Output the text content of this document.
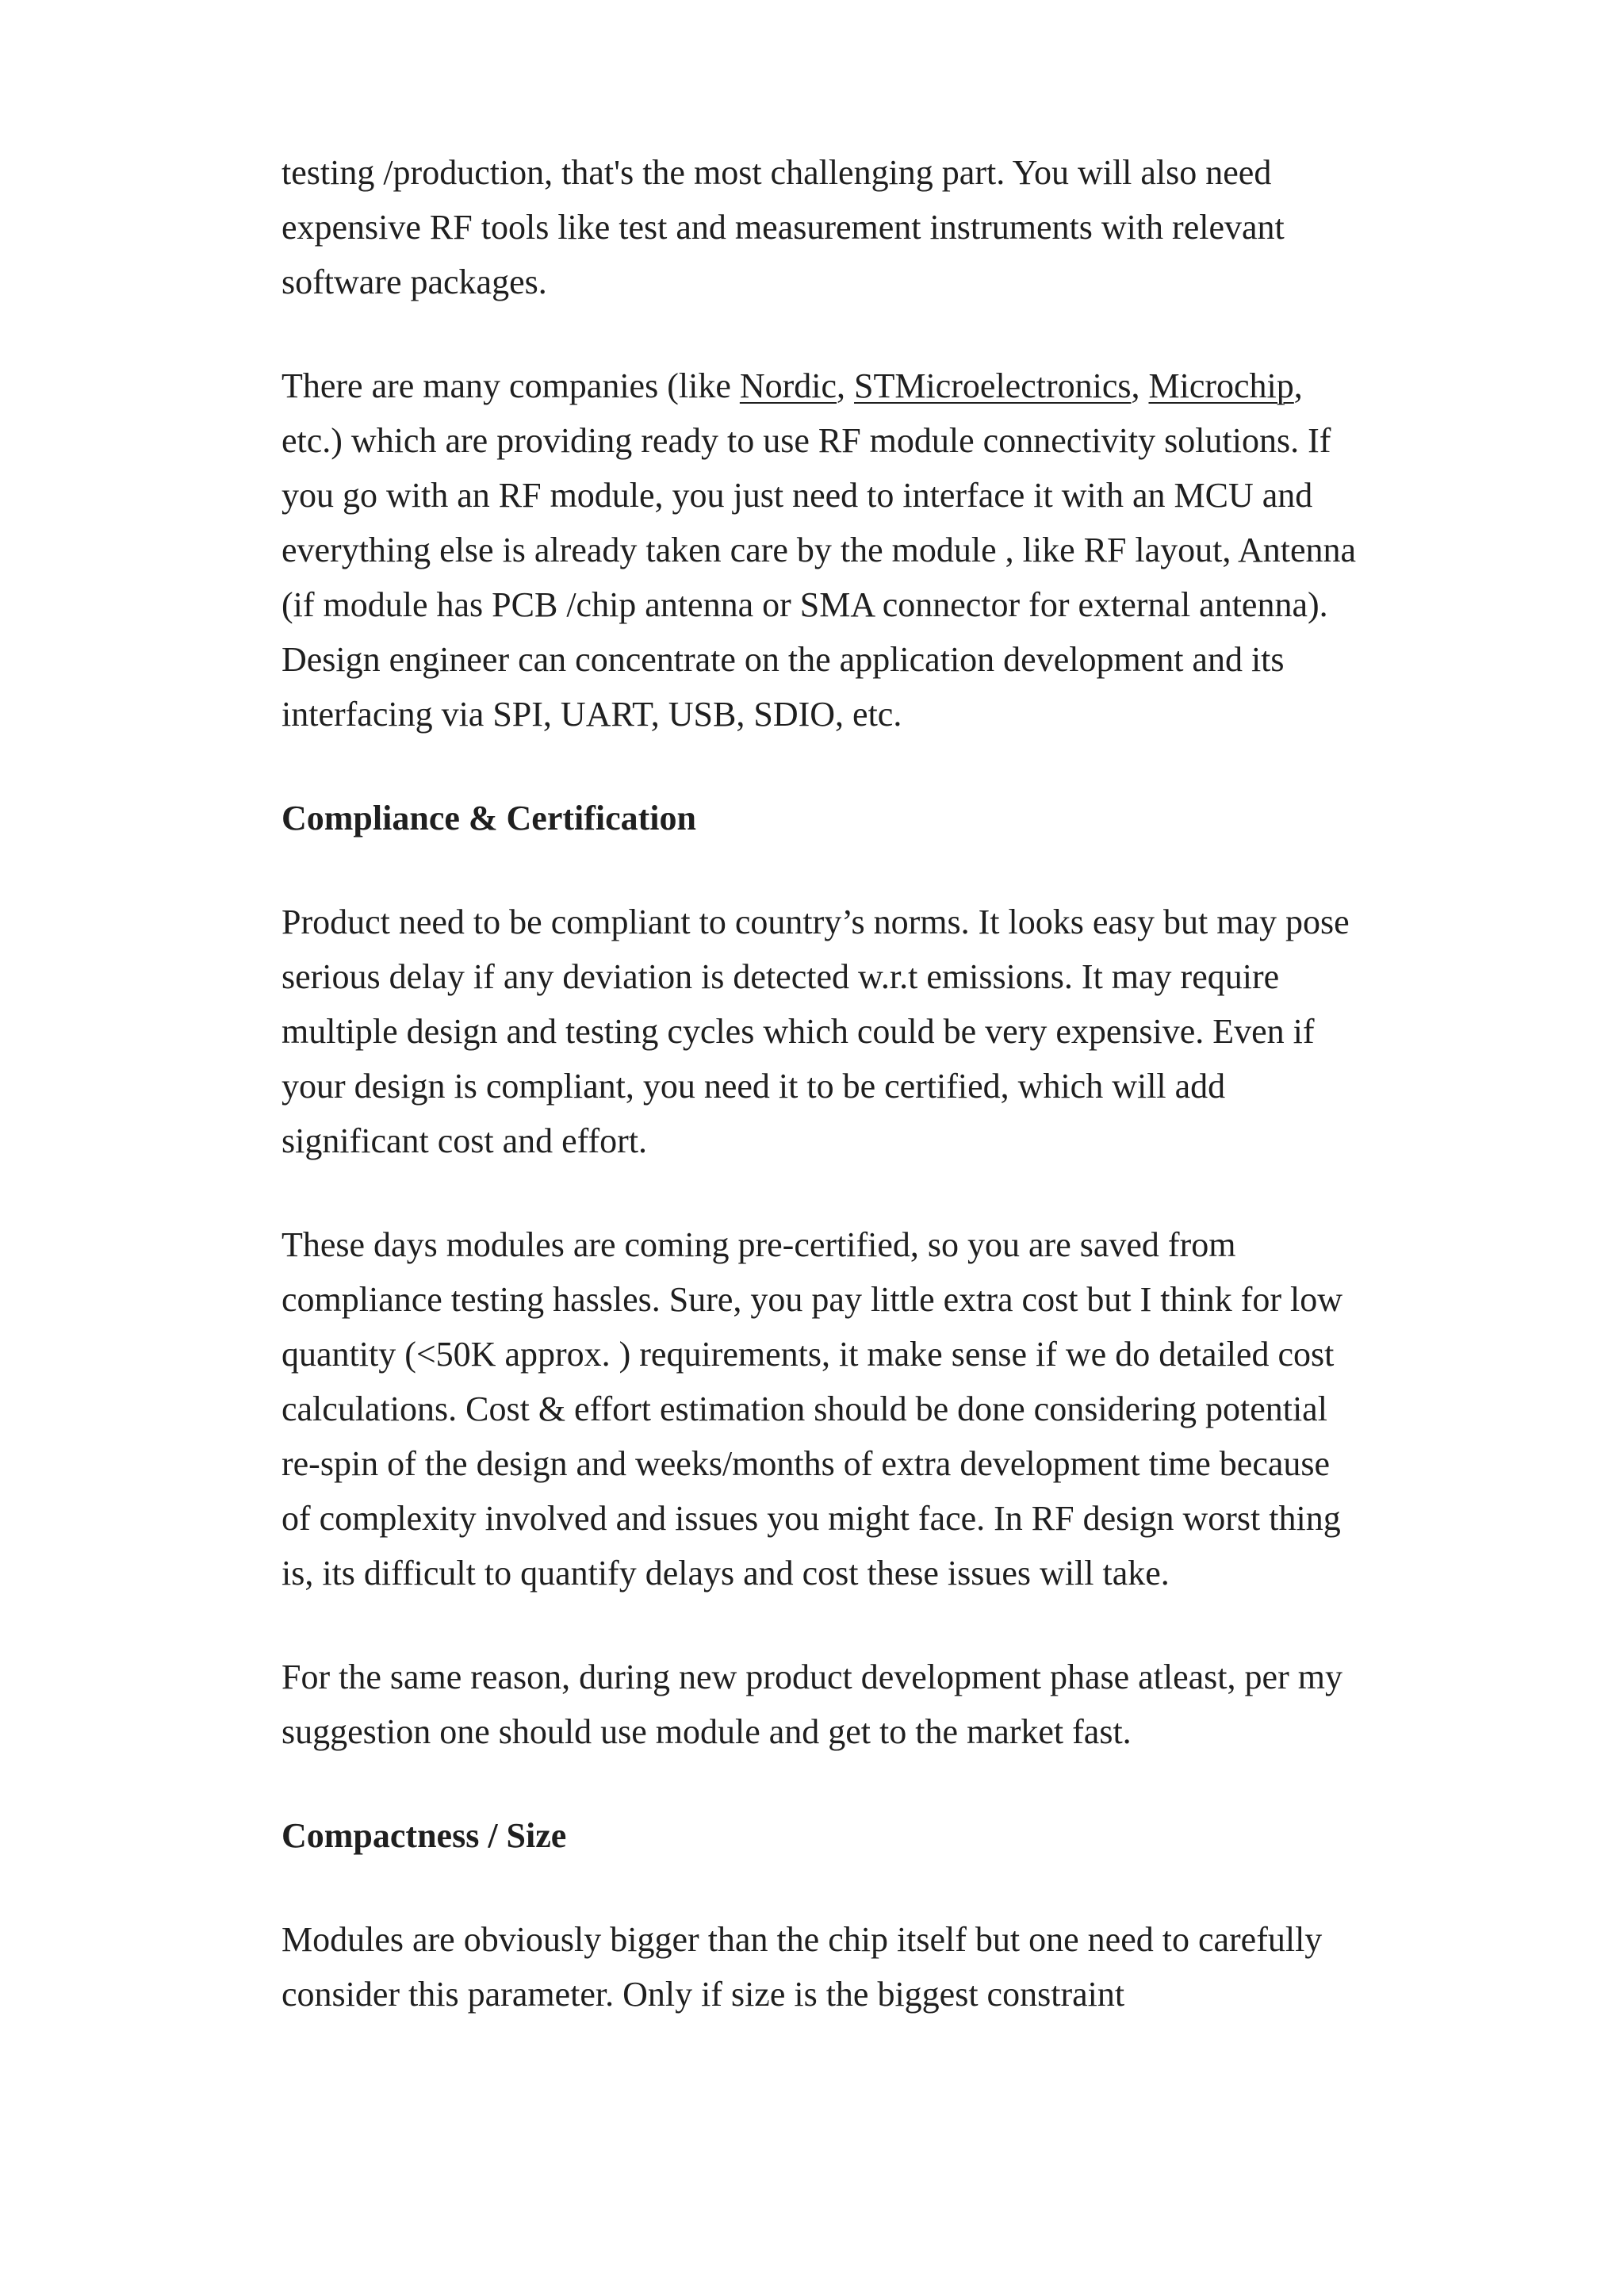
testing /production, that's the most challenging part. You will also need expensive RF tools like test and measurement instruments with relevant software packages.

There are many companies (like Nordic, STMicroelectronics, Microchip, etc.) which are providing ready to use RF module connectivity solutions. If you go with an RF module, you just need to interface it with an MCU and everything else is already taken care by the module , like RF layout, Antenna (if module has PCB /chip antenna or SMA connector for external antenna). Design engineer can concentrate on the application development and its interfacing via SPI, UART, USB, SDIO, etc.

Compliance & Certification

Product need to be compliant to country’s norms. It looks easy but may pose serious delay if any deviation is detected w.r.t emissions. It may require multiple design and testing cycles which could be very expensive. Even if your design is compliant, you need it to be certified, which will add significant cost and effort.

These days modules are coming pre-certified, so you are saved from compliance testing hassles. Sure, you pay little extra cost but I think for low quantity (<50K approx. ) requirements, it make sense if we do detailed cost calculations. Cost & effort estimation should be done considering potential re-spin of the design and weeks/months of extra development time because of complexity involved and issues you might face. In RF design worst thing is, its difficult to quantify delays and cost these issues will take.

For the same reason, during new product development phase atleast, per my suggestion one should use module and get to the market fast.

Compactness / Size

Modules are obviously bigger than the chip itself but one need to carefully consider this parameter. Only if size is the biggest constraint
